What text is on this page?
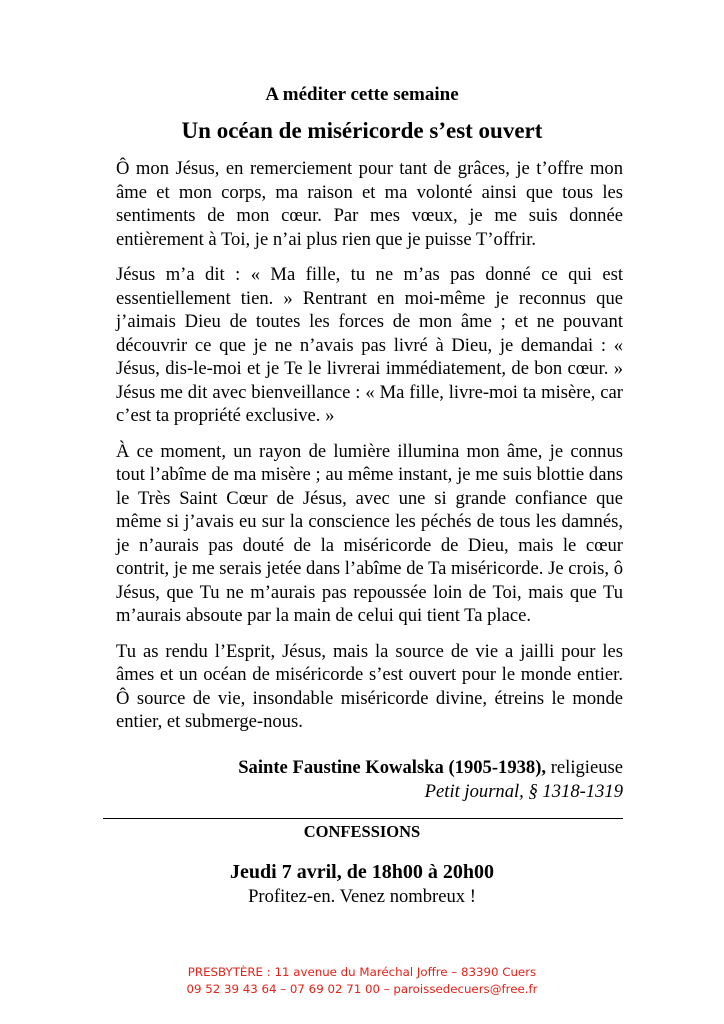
A méditer cette semaine
Un océan de miséricorde s’est ouvert

Ô mon Jésus, en remerciement pour tant de grâces, je t’offre mon âme et mon corps, ma raison et ma volonté ainsi que tous les sentiments de mon cœur. Par mes vœux, je me suis donnée entièrement à Toi, je n’ai plus rien que je puisse T’offrir.

Jésus m’a dit : « Ma fille, tu ne m’as pas donné ce qui est essentiellement tien. » Rentrant en moi-même je reconnus que j’aimais Dieu de toutes les forces de mon âme ; et ne pouvant découvrir ce que je ne n’avais pas livré à Dieu, je demandai : « Jésus, dis-le-moi et je Te le livrerai immédiatement, de bon cœur. » Jésus me dit avec bienveillance : « Ma fille, livre-moi ta misère, car c’est ta propriété exclusive. »

À ce moment, un rayon de lumière illumina mon âme, je connus tout l’abîme de ma misère ; au même instant, je me suis blottie dans le Très Saint Cœur de Jésus, avec une si grande confiance que même si j’avais eu sur la conscience les péchés de tous les damnés, je n’aurais pas douté de la miséricorde de Dieu, mais le cœur contrit, je me serais jetée dans l’abîme de Ta miséricorde. Je crois, ô Jésus, que Tu ne m’aurais pas repoussée loin de Toi, mais que Tu m’aurais absoute par la main de celui qui tient Ta place.

Tu as rendu l’Esprit, Jésus, mais la source de vie a jailli pour les âmes et un océan de miséricorde s’est ouvert pour le monde entier. Ô source de vie, insondable miséricorde divine, étreins le monde entier, et submerge-nous.

Sainte Faustine Kowalska (1905-1938), religieuse
Petit journal, § 1318-1319
CONFESSIONS
Jeudi 7 avril, de 18h00 à 20h00
Profitez-en. Venez nombreux !
PRESBYTÈRE : 11 avenue du Maréchal Joffre – 83390 Cuers
09 52 39 43 64 – 07 69 02 71 00 – paroissedecuers@free.fr
